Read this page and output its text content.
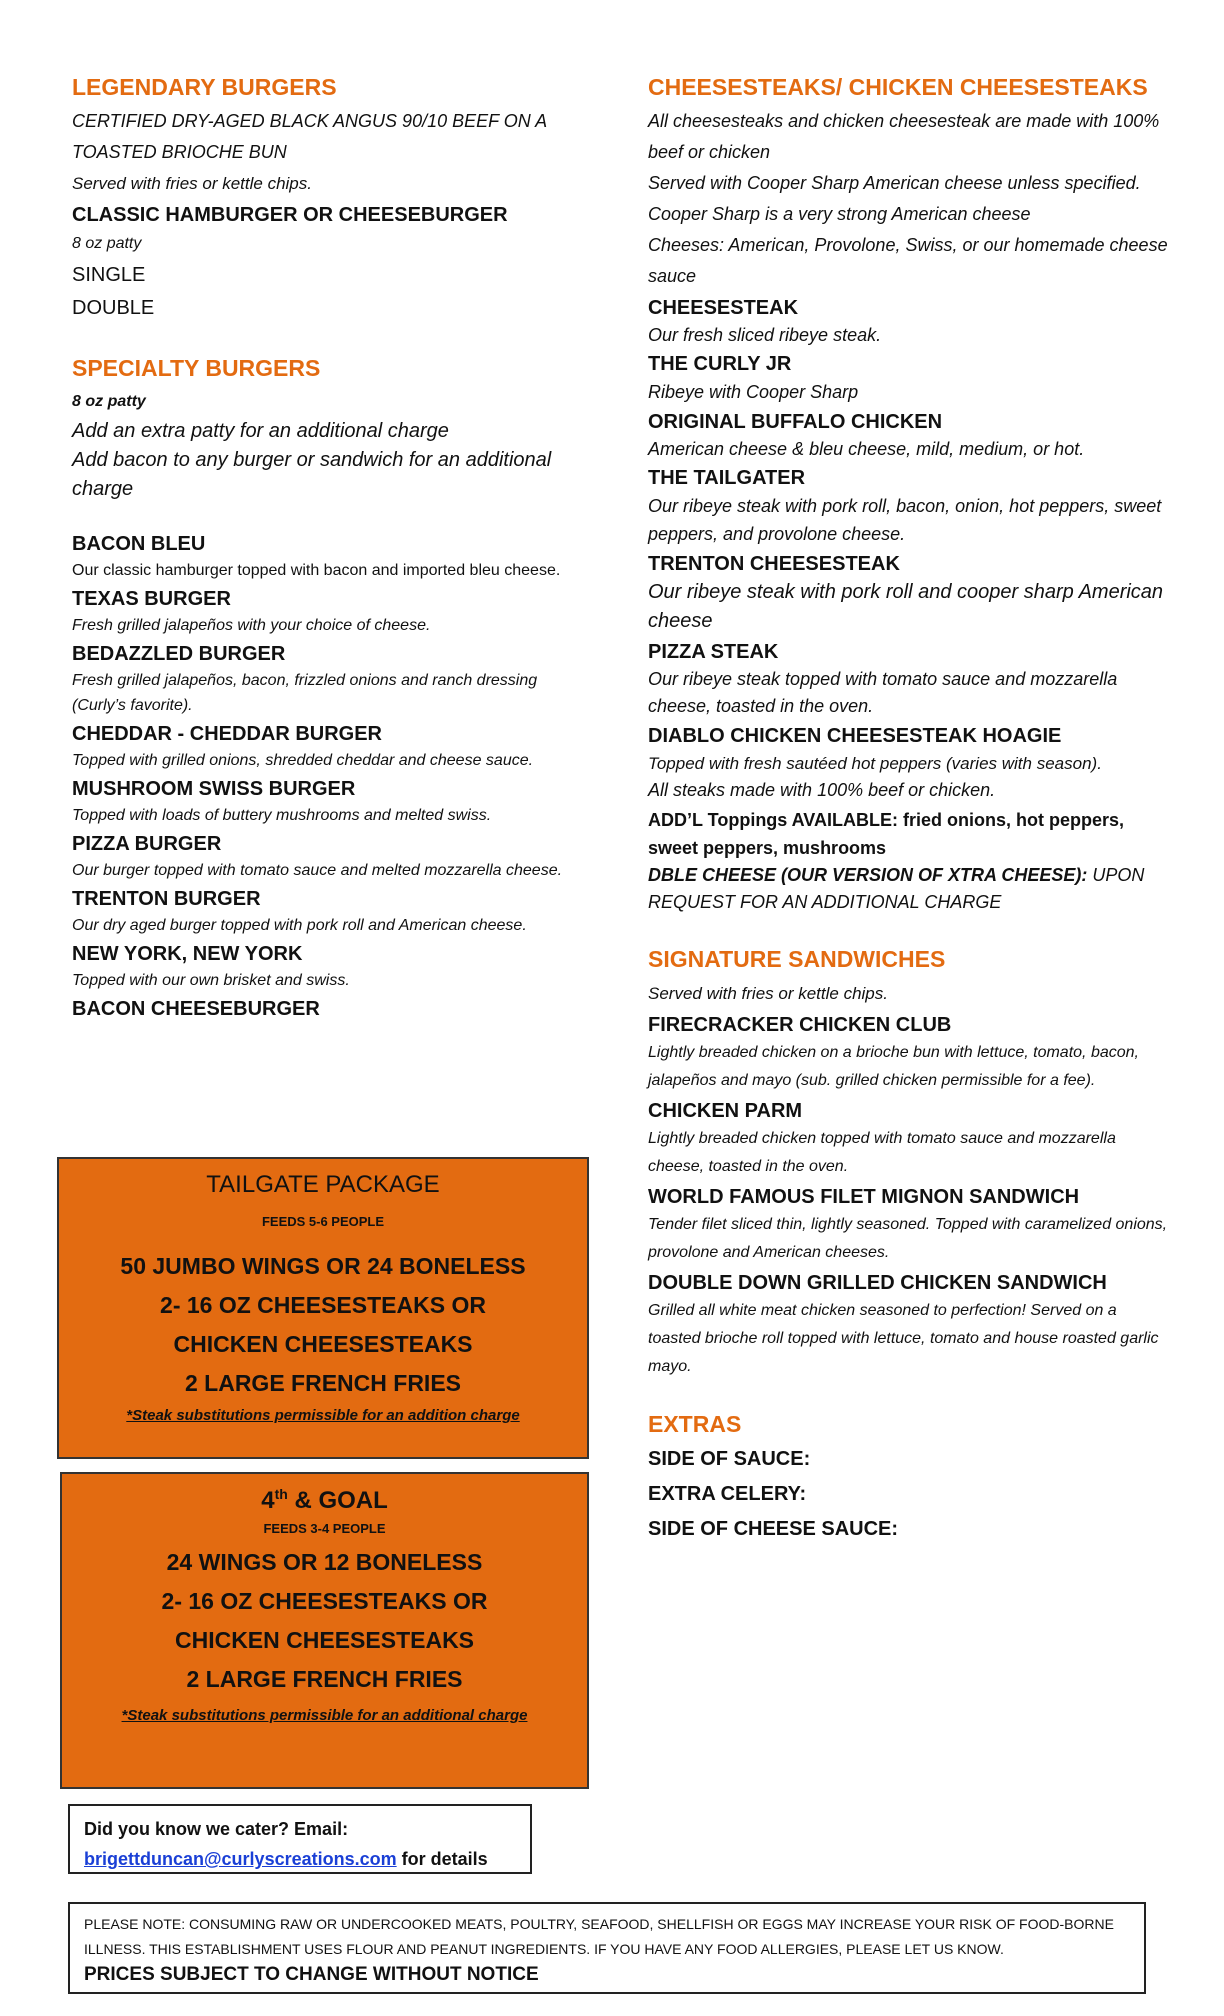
LEGENDARY BURGERS
CERTIFIED DRY-AGED BLACK ANGUS 90/10 BEEF ON A TOASTED BRIOCHE BUN
Served with fries or kettle chips.
CLASSIC HAMBURGER OR CHEESEBURGER
8 oz patty
SINGLE
DOUBLE
SPECIALTY BURGERS
8 oz patty
Add an extra patty for an additional charge
Add bacon to any burger or sandwich for an additional charge
BACON BLEU
Our classic hamburger topped with bacon and imported bleu cheese.
TEXAS BURGER
Fresh grilled jalapeños with your choice of cheese.
BEDAZZLED BURGER
Fresh grilled jalapeños, bacon, frizzled onions and ranch dressing (Curly’s favorite).
CHEDDAR - CHEDDAR BURGER
Topped with grilled onions, shredded cheddar and cheese sauce.
MUSHROOM SWISS BURGER
Topped with loads of buttery mushrooms and melted swiss.
PIZZA BURGER
Our burger topped with tomato sauce and melted mozzarella cheese.
TRENTON BURGER
Our dry aged burger topped with pork roll and American cheese.
NEW YORK, NEW YORK
Topped with our own brisket and swiss.
BACON CHEESEBURGER
TAILGATE PACKAGE
FEEDS 5-6 PEOPLE
50 JUMBO WINGS OR 24 BONELESS
2- 16 OZ CHEESESTEAKS OR CHICKEN CHEESESTEAKS
2 LARGE FRENCH FRIES
*Steak substitutions permissible for an addition charge
4th & GOAL
FEEDS 3-4 PEOPLE
24 WINGS OR 12 BONELESS
2- 16 OZ CHEESESTEAKS OR CHICKEN CHEESESTEAKS
2 LARGE FRENCH FRIES
*Steak substitutions permissible for an additional charge
Did you know we cater? Email:
brigettduncan@curlyscreations.com for details
PLEASE NOTE: CONSUMING RAW OR UNDERCOOKED MEATS, POULTRY, SEAFOOD, SHELLFISH OR EGGS MAY INCREASE YOUR RISK OF FOOD-BORNE ILLNESS. THIS ESTABLISHMENT USES FLOUR AND PEANUT INGREDIENTS. IF YOU HAVE ANY FOOD ALLERGIES, PLEASE LET US KNOW.
PRICES SUBJECT TO CHANGE WITHOUT NOTICE
CHEESESTEAKS/ CHICKEN CHEESESTEAKS
All cheesesteaks and chicken cheesesteak are made with 100% beef or chicken
Served with Cooper Sharp American cheese unless specified. Cooper Sharp is a very strong American cheese
Cheeses: American, Provolone, Swiss, or our homemade cheese sauce
CHEESESTEAK
Our fresh sliced ribeye steak.
THE CURLY JR
Ribeye with Cooper Sharp
ORIGINAL BUFFALO CHICKEN
American cheese & bleu cheese, mild, medium, or hot.
THE TAILGATER
Our ribeye steak with pork roll, bacon, onion, hot peppers, sweet peppers, and provolone cheese.
TRENTON CHEESESTEAK
Our ribeye steak with pork roll and cooper sharp American cheese
PIZZA STEAK
Our ribeye steak topped with tomato sauce and mozzarella cheese, toasted in the oven.
DIABLO CHICKEN CHEESESTEAK HOAGIE
Topped with fresh sautéed hot peppers (varies with season).
All steaks made with 100% beef or chicken.
ADD’L Toppings AVAILABLE: fried onions, hot peppers, sweet peppers, mushrooms
DBLE CHEESE (OUR VERSION OF XTRA CHEESE): UPON REQUEST FOR AN ADDITIONAL CHARGE
SIGNATURE SANDWICHES
Served with fries or kettle chips.
FIRECRACKER CHICKEN CLUB
Lightly breaded chicken on a brioche bun with lettuce, tomato, bacon, jalapeños and mayo (sub. grilled chicken permissible for a fee).
CHICKEN PARM
Lightly breaded chicken topped with tomato sauce and mozzarella cheese, toasted in the oven.
WORLD FAMOUS FILET MIGNON SANDWICH
Tender filet sliced thin, lightly seasoned. Topped with caramelized onions, provolone and American cheeses.
DOUBLE DOWN GRILLED CHICKEN SANDWICH
Grilled all white meat chicken seasoned to perfection! Served on a toasted brioche roll topped with lettuce, tomato and house roasted garlic mayo.
EXTRAS
SIDE OF SAUCE:
EXTRA CELERY:
SIDE OF CHEESE SAUCE:
